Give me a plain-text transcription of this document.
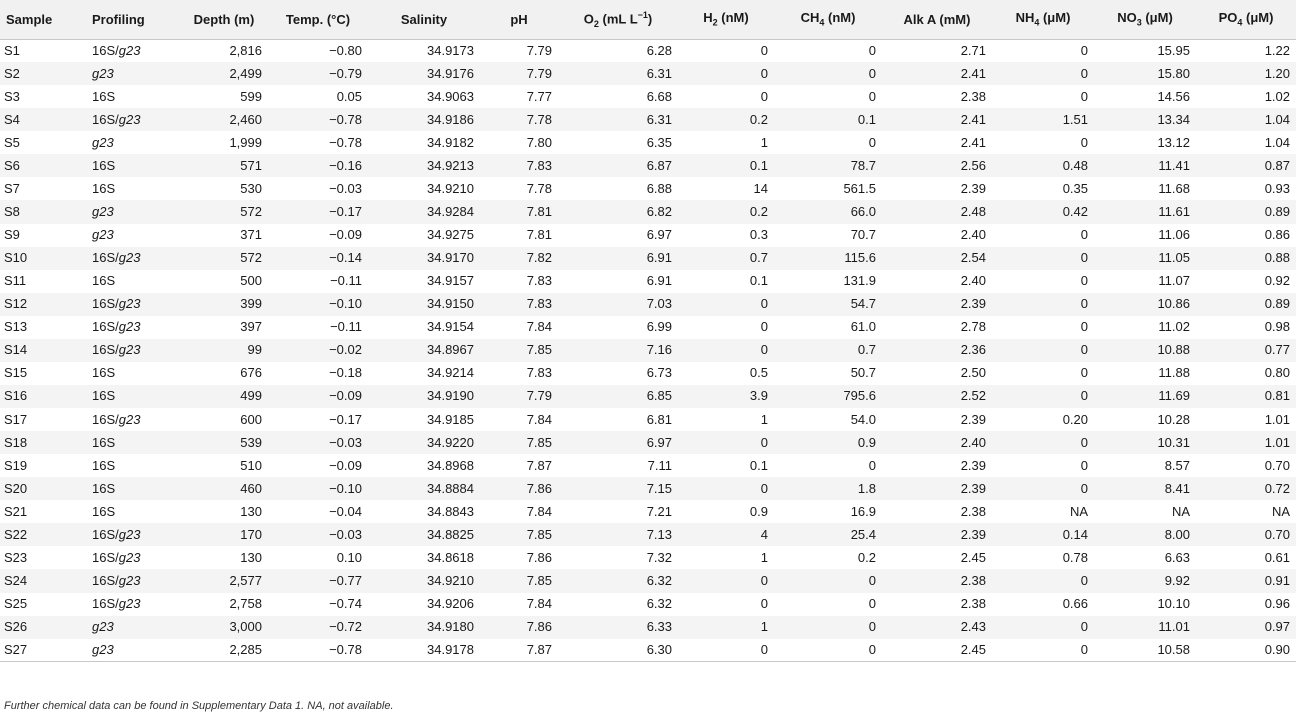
Sample	Profiling	Depth (m)	Temp. (°C)	Salinity	pH	$O_2$ (mL $L^{-1}$)	$H_2$ (nM)	$CH_4$ (nM)	Alk A (mM)	$NH_4$ (μM)	$NO_3$ (μM)	$PO_4$ (μM)
S1	16S/g23	2,816	−0.80	34.9173	7.79	6.28	0	0	2.71	0	15.95	1.22
S2	g23	2,499	−0.79	34.9176	7.79	6.31	0	0	2.41	0	15.80	1.20
S3	16S	599	0.05	34.9063	7.77	6.68	0	0	2.38	0	14.56	1.02
S4	16S/g23	2,460	−0.78	34.9186	7.78	6.31	0.2	0.1	2.41	1.51	13.34	1.04
S5	g23	1,999	−0.78	34.9182	7.80	6.35	1	0	2.41	0	13.12	1.04
S6	16S	571	−0.16	34.9213	7.83	6.87	0.1	78.7	2.56	0.48	11.41	0.87
S7	16S	530	−0.03	34.9210	7.78	6.88	14	561.5	2.39	0.35	11.68	0.93
S8	g23	572	−0.17	34.9284	7.81	6.82	0.2	66.0	2.48	0.42	11.61	0.89
S9	g23	371	−0.09	34.9275	7.81	6.97	0.3	70.7	2.40	0	11.06	0.86
S10	16S/g23	572	−0.14	34.9170	7.82	6.91	0.7	115.6	2.54	0	11.05	0.88
S11	16S	500	−0.11	34.9157	7.83	6.91	0.1	131.9	2.40	0	11.07	0.92
S12	16S/g23	399	−0.10	34.9150	7.83	7.03	0	54.7	2.39	0	10.86	0.89
S13	16S/g23	397	−0.11	34.9154	7.84	6.99	0	61.0	2.78	0	11.02	0.98
S14	16S/g23	99	−0.02	34.8967	7.85	7.16	0	0.7	2.36	0	10.88	0.77
S15	16S	676	−0.18	34.9214	7.83	6.73	0.5	50.7	2.50	0	11.88	0.80
S16	16S	499	−0.09	34.9190	7.79	6.85	3.9	795.6	2.52	0	11.69	0.81
S17	16S/g23	600	−0.17	34.9185	7.84	6.81	1	54.0	2.39	0.20	10.28	1.01
S18	16S	539	−0.03	34.9220	7.85	6.97	0	0.9	2.40	0	10.31	1.01
S19	16S	510	−0.09	34.8968	7.87	7.11	0.1	0	2.39	0	8.57	0.70
S20	16S	460	−0.10	34.8884	7.86	7.15	0	1.8	2.39	0	8.41	0.72
S21	16S	130	−0.04	34.8843	7.84	7.21	0.9	16.9	2.38	NA	NA	NA
S22	16S/g23	170	−0.03	34.8825	7.85	7.13	4	25.4	2.39	0.14	8.00	0.70
S23	16S/g23	130	0.10	34.8618	7.86	7.32	1	0.2	2.45	0.78	6.63	0.61
S24	16S/g23	2,577	−0.77	34.9210	7.85	6.32	0	0	2.38	0	9.92	0.91
S25	16S/g23	2,758	−0.74	34.9206	7.84	6.32	0	0	2.38	0.66	10.10	0.96
S26	g23	3,000	−0.72	34.9180	7.86	6.33	1	0	2.43	0	11.01	0.97
S27	g23	2,285	−0.78	34.9178	7.87	6.30	0	0	2.45	0	10.58	0.90
Further chemical data can be found in Supplementary Data 1. NA, not available.
